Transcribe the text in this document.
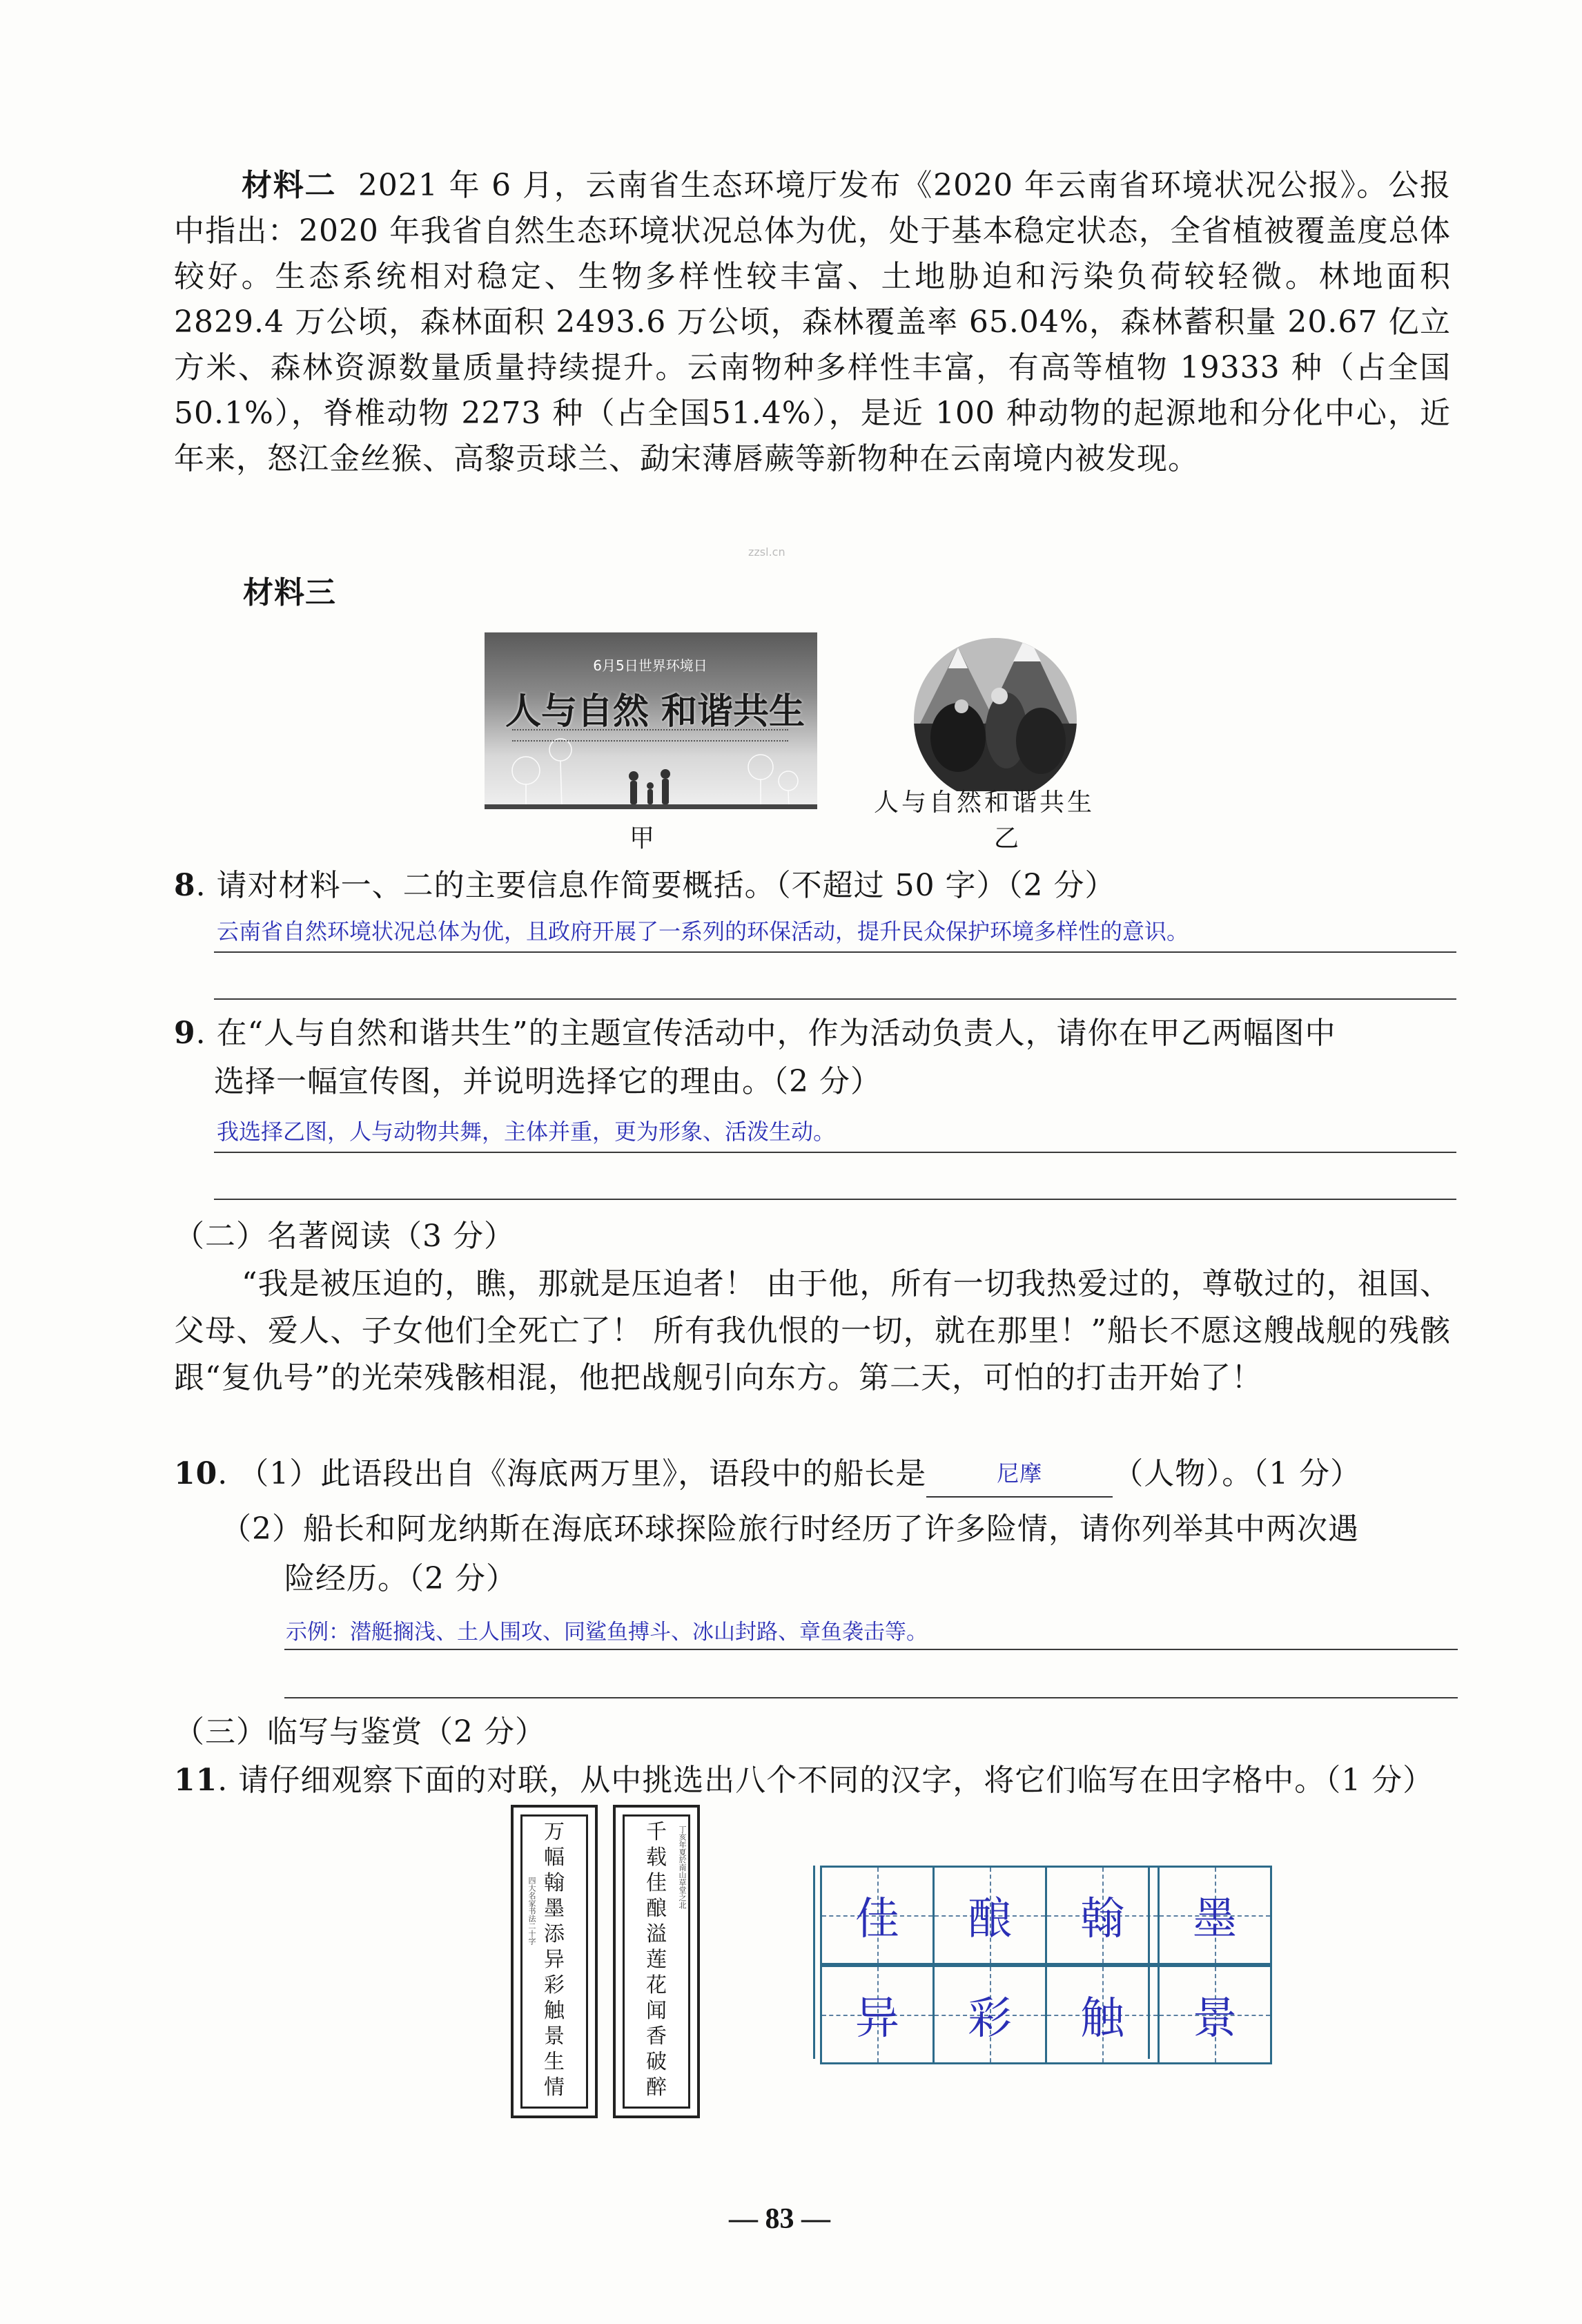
材料二 2021 年 6 月，云南省生态环境厅发布《2020 年云南省环境状况公报》。公报中指出：2020 年我省自然生态环境状况总体为优，处于基本稳定状态，全省植被覆盖度总体较好。生态系统相对稳定、生物多样性较丰富、土地胁迫和污染负荷较轻微。林地面积 2829.4 万公顷，森林面积 2493.6 万公顷，森林覆盖率 65.04%，森林蓄积量 20.67 亿立方米、森林资源数量质量持续提升。云南物种多样性丰富，有高等植物 19333 种（占全国 50.1%），脊椎动物 2273 种（占全国51.4%），是近 100 种动物的起源地和分化中心，近年来，怒江金丝猴、高黎贡球兰、勐宋薄唇蕨等新物种在云南境内被发现。
zzsl.cn
材料三
6月5日世界环境日
人与自然 和谐共生
人与自然和谐共生
甲	乙
8. 请对材料一、二的主要信息作简要概括。（不超过 50 字）（2 分）
云南省自然环境状况总体为优，且政府开展了一系列的环保活动，提升民众保护环境多样性的意识。
9. 在“人与自然和谐共生”的主题宣传活动中，作为活动负责人，请你在甲乙两幅图中
选择一幅宣传图，并说明选择它的理由。（2 分）
我选择乙图，人与动物共舞，主体并重，更为形象、活泼生动。
（二）名著阅读（3 分）
“我是被压迫的，瞧，那就是压迫者！ 由于他，所有一切我热爱过的，尊敬过的，祖国、父母、爱人、子女他们全死亡了！ 所有我仇恨的一切，就在那里！”船长不愿这艘战舰的残骸跟“复仇号”的光荣残骸相混，他把战舰引向东方。第二天，可怕的打击开始了！
10. （1）此语段出自《海底两万里》，语段中的船长是	尼摩 （人物）。（1 分）
（2）船长和阿龙纳斯在海底环球探险旅行时经历了许多险情，请你列举其中两次遇
险经历。（2 分）
示例：潜艇搁浅、土人围攻、同鲨鱼搏斗、冰山封路、章鱼袭击等。
（三）临写与鉴赏（2 分）
11. 请仔细观察下面的对联，从中挑选出八个不同的汉字，将它们临写在田字格中。（1 分）
万
幅
翰
墨
添
异
彩
触
景
生
情
四大名家书法二十字
千
载
佳
酿
溢
莲
花
闻
香
破
醉
丁亥年夏於南山草堂之北
佳 酿 翰 墨
异 彩 触 景
— 83 —
